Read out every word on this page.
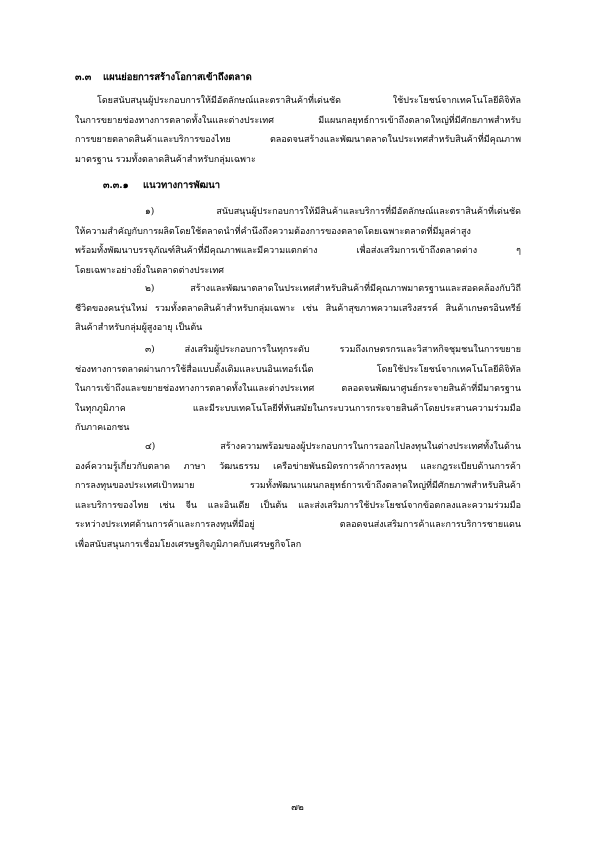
๓.๓ แผนย่อยการสร้างโอกาสเข้าถึงตลาด
โดยสนับสนุนผู้ประกอบการให้มีอัตลักษณ์และตราสินค้าที่เด่นชัด ใช้ประโยชน์จากเทคโนโลยีดิจิทัล
ในการขยายช่องทางการตลาดทั้งในและต่างประเทศ มีแผนกลยุทธ์การเข้าถึงตลาดใหญ่ที่มีศักยภาพสำหรับ
การขยายตลาดสินค้าและบริการของไทย ตลอดจนสร้างและพัฒนาตลาดในประเทศสำหรับสินค้าที่มีคุณภาพ
มาตรฐาน รวมทั้งตลาดสินค้าสำหรับกลุ่มเฉพาะ
๓.๓.๑ แนวทางการพัฒนา
๑) สนับสนุนผู้ประกอบการให้มีสินค้าและบริการที่มีอัตลักษณ์และตราสินค้าที่เด่นชัด
ให้ความสำคัญกับการผลิตโดยใช้ตลาดนำที่คำนึงถึงความต้องการของตลาดโดยเฉพาะตลาดที่มีมูลค่าสูง
พร้อมทั้งพัฒนาบรรจุภัณฑ์สินค้าที่มีคุณภาพและมีความแตกต่าง เพื่อส่งเสริมการเข้าถึงตลาดต่าง ๆ
โดยเฉพาะอย่างยิ่งในตลาดต่างประเทศ
๒) สร้างและพัฒนาตลาดในประเทศสำหรับสินค้าที่มีคุณภาพมาตรฐานและสอดคล้องกับวิถี
ชีวิตของคนรุ่นใหม่ รวมทั้งตลาดสินค้าสำหรับกลุ่มเฉพาะ เช่น สินค้าสุขภาพความเสริงสรรค์ สินค้าเกษตรอินทรีย์
สินค้าสำหรับกลุ่มผู้สูงอายุ เป็นต้น
๓) ส่งเสริมผู้ประกอบการในทุกระดับ รวมถึงเกษตรกรและวิสาหกิจชุมชนในการขยาย
ช่องทางการตลาดผ่านการใช้สื่อแบบดั้งเดิมและบนอินเทอร์เน็ต โดยใช้ประโยชน์จากเทคโนโลยีดิจิทัล
ในการเข้าถึงและขยายช่องทางการตลาดทั้งในและต่างประเทศ ตลอดจนพัฒนาศูนย์กระจายสินค้าที่มีมาตรฐาน
ในทุกภูมิภาค และมีระบบเทคโนโลยีที่ทันสมัยในกระบวนการกระจายสินค้าโดยประสานความร่วมมือ
กับภาคเอกชน
๔) สร้างความพร้อมของผู้ประกอบการในการออกไปลงทุนในต่างประเทศทั้งในด้าน
องค์ความรู้เกี่ยวกับตลาด ภาษา วัฒนธรรม เครือข่ายพันธมิตรการค้าการลงทุน และกฎระเบียบด้านการค้า
การลงทุนของประเทศเป้าหมาย รวมทั้งพัฒนาแผนกลยุทธ์การเข้าถึงตลาดใหญ่ที่มีศักยภาพสำหรับสินค้า
และบริการของไทย เช่น จีน และอินเดีย เป็นต้น และส่งเสริมการใช้ประโยชน์จากข้อตกลงและความร่วมมือ
ระหว่างประเทศด้านการค้าและการลงทุนที่มีอยู่ ตลอดจนส่งเสริมการค้าและการบริการชายแดน
เพื่อสนับสนุนการเชื่อมโยงเศรษฐกิจภูมิภาคกับเศรษฐกิจโลก
๗๒
